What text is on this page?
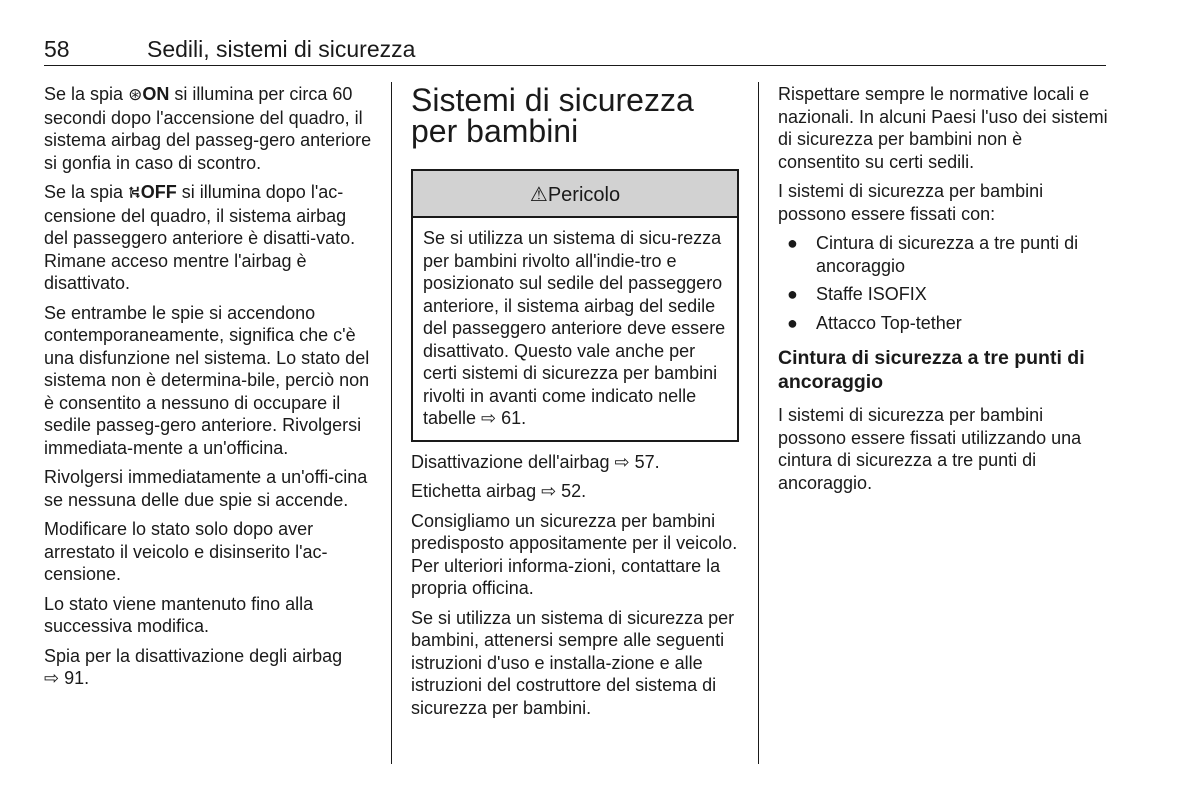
58	Sedili, sistemi di sicurezza

Se la spia ⊛ON si illumina per circa 60 secondi dopo l'accensione del quadro, il sistema airbag del passeg-gero anteriore si gonfia in caso di scontro.

Se la spia ⛕OFF si illumina dopo l'ac-censione del quadro, il sistema airbag del passeggero anteriore è disatti-vato. Rimane acceso mentre l'airbag è disattivato.

Se entrambe le spie si accendono contemporaneamente, significa che c'è una disfunzione nel sistema. Lo stato del sistema non è determina-bile, perciò non è consentito a nessuno di occupare il sedile passeg-gero anteriore. Rivolgersi immediata-mente a un'officina.

Rivolgersi immediatamente a un'offi-cina se nessuna delle due spie si accende.

Modificare lo stato solo dopo aver arrestato il veicolo e disinserito l'ac-censione.

Lo stato viene mantenuto fino alla successiva modifica.

Spia per la disattivazione degli airbag
⇨ 91.

Sistemi di sicurezza per bambini
⚠Pericolo
Se si utilizza un sistema di sicu-rezza per bambini rivolto all'indie-tro e posizionato sul sedile del passeggero anteriore, il sistema airbag del sedile del passeggero anteriore deve essere disattivato. Questo vale anche per certi sistemi di sicurezza per bambini rivolti in avanti come indicato nelle tabelle ⇨ 61.

Disattivazione dell'airbag ⇨ 57.

Etichetta airbag ⇨ 52.

Consigliamo un sicurezza per bambini predisposto appositamente per il veicolo. Per ulteriori informa-zioni, contattare la propria officina.

Se si utilizza un sistema di sicurezza per bambini, attenersi sempre alle seguenti istruzioni d'uso e installa-zione e alle istruzioni del costruttore del sistema di sicurezza per bambini.

Rispettare sempre le normative locali e nazionali. In alcuni Paesi l'uso dei sistemi di sicurezza per bambini non è consentito su certi sedili.

I sistemi di sicurezza per bambini possono essere fissati con:

● Cintura di sicurezza a tre punti di ancoraggio
● Staffe ISOFIX
● Attacco Top-tether
Cintura di sicurezza a tre punti di ancoraggio

I sistemi di sicurezza per bambini possono essere fissati utilizzando una cintura di sicurezza a tre punti di ancoraggio.
